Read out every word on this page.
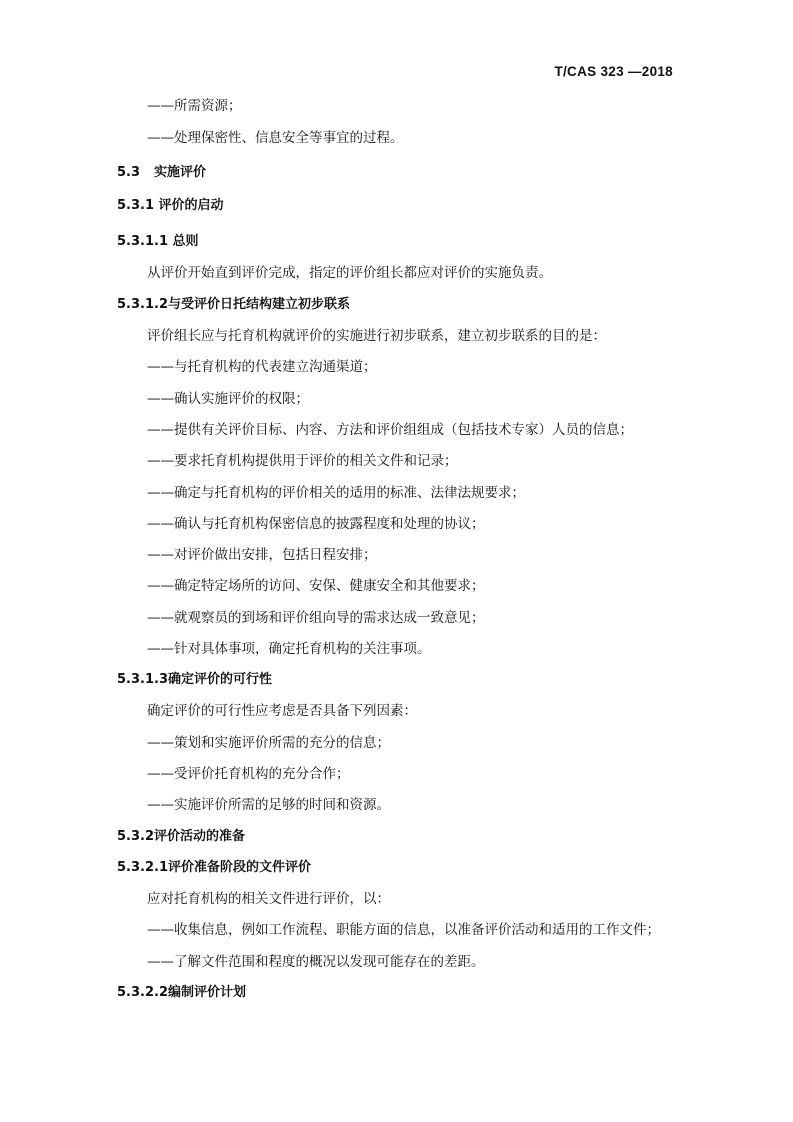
T/CAS 323 —2018
——所需资源；
——处理保密性、信息安全等事宜的过程。
5.3 实施评价
5.3.1 评价的启动
5.3.1.1 总则
从评价开始直到评价完成，指定的评价组长都应对评价的实施负责。
5.3.1.2与受评价日托结构建立初步联系
评价组长应与托育机构就评价的实施进行初步联系，建立初步联系的目的是：
——与托育机构的代表建立沟通渠道；
——确认实施评价的权限；
——提供有关评价目标、内容、方法和评价组组成（包括技术专家）人员的信息；
——要求托育机构提供用于评价的相关文件和记录；
——确定与托育机构的评价相关的适用的标准、法律法规要求；
——确认与托育机构保密信息的披露程度和处理的协议；
——对评价做出安排，包括日程安排；
——确定特定场所的访问、安保、健康安全和其他要求；
——就观察员的到场和评价组向导的需求达成一致意见；
——针对具体事项，确定托育机构的关注事项。
5.3.1.3确定评价的可行性
确定评价的可行性应考虑是否具备下列因素：
——策划和实施评价所需的充分的信息；
——受评价托育机构的充分合作；
——实施评价所需的足够的时间和资源。
5.3.2评价活动的准备
5.3.2.1评价准备阶段的文件评价
应对托育机构的相关文件进行评价，以：
——收集信息，例如工作流程、职能方面的信息，以准备评价活动和适用的工作文件；
——了解文件范围和程度的概况以发现可能存在的差距。
5.3.2.2编制评价计划
